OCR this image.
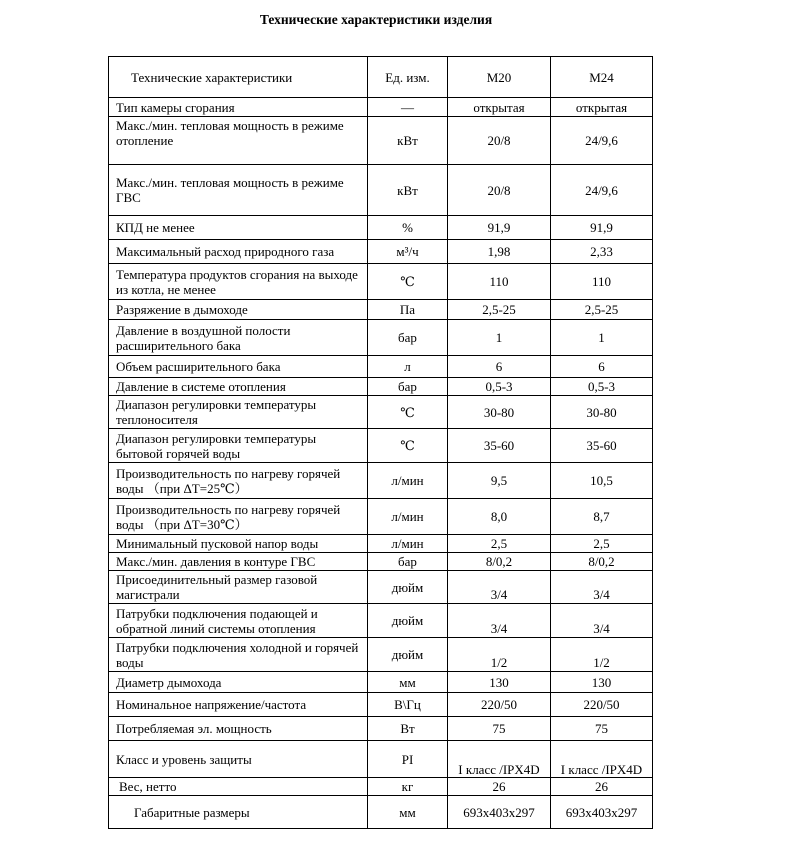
Технические характеристики изделия
Технические характеристики	Ед. изм.	М20	М24
Тип камеры сгорания	—	открытая	открытая
Макс./мин. тепловая мощность в режиме отопление	кВт	20/8	24/9,6
Макс./мин. тепловая мощность в режиме ГВС	кВт	20/8	24/9,6
КПД не менее	%	91,9	91,9
Максимальный расход природного газа	м³/ч	1,98	2,33
Температура продуктов сгорания на выходе из котла, не менее	℃	110	110
Разряжение в дымоходе	Па	2,5-25	2,5-25
Давление в воздушной полости расширительного бака	бар	1	1
Объем расширительного бака	л	6	6
Давление в системе отопления	бар	0,5-3	0,5-3
Диапазон регулировки температуры теплоносителя	℃	30-80	30-80
Диапазон регулировки температуры бытовой горячей воды	℃	35-60	35-60
Производительность по нагреву горячей воды （при ΔT=25℃）	л/мин	9,5	10,5
Производительность по нагреву горячей воды （при ΔT=30℃）	л/мин	8,0	8,7
Минимальный пусковой напор воды	л/мин	2,5	2,5
Макс./мин. давления в контуре ГВС	бар	8/0,2	8/0,2
Присоединительный размер газовой магистрали	дюйм	3/4	3/4
Патрубки подключения подающей и обратной линий системы отопления	дюйм	3/4	3/4
Патрубки подключения холодной и горячей воды	дюйм	1/2	1/2
Диаметр дымохода	мм	130	130
Номинальное напряжение/частота	В\Гц	220/50	220/50
Потребляемая эл. мощность	Вт	75	75
Класс и уровень защиты	PI	I класс /IPX4D	I класс /IPX4D
Вес, нетто	кг	26	26
Габаритные размеры	мм	693x403x297	693x403x297
